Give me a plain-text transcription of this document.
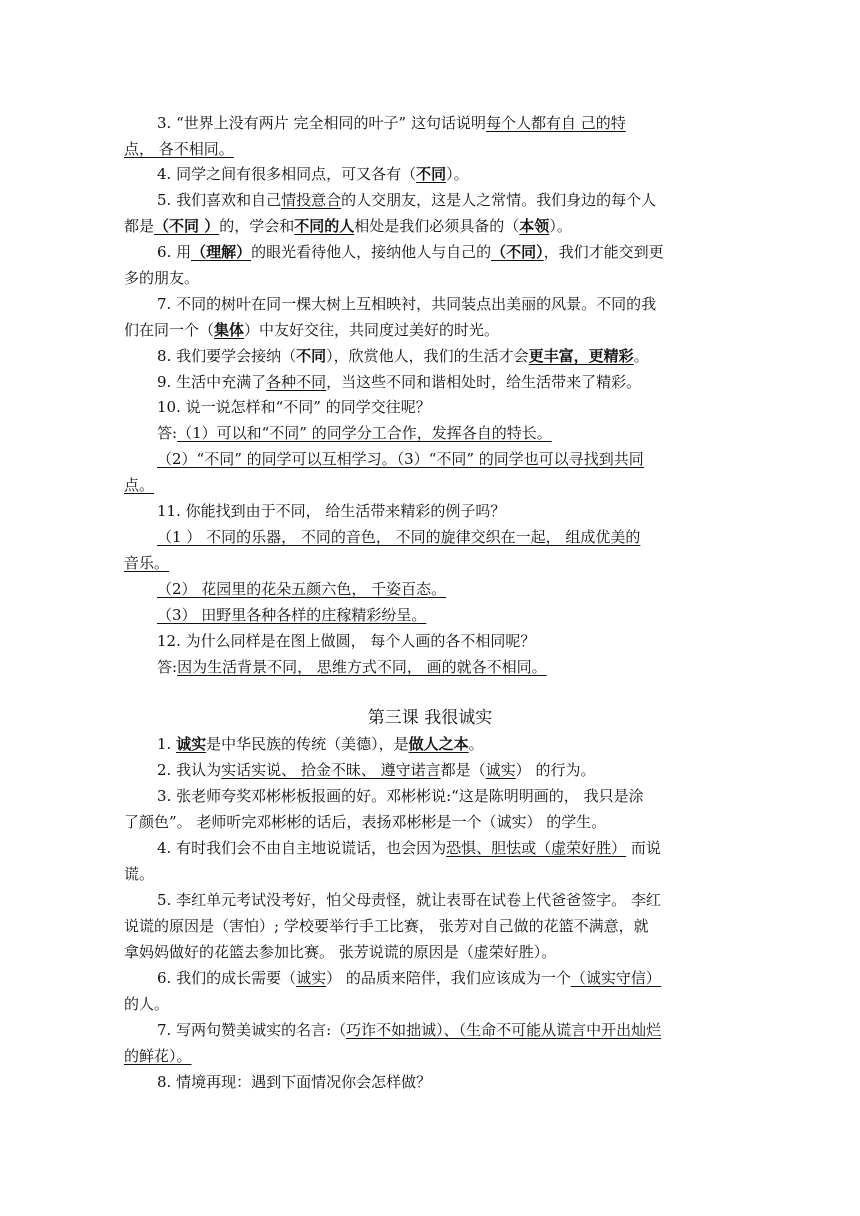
3. “世界上没有两片 完全相同的叶子” 这句话说明每个人都有自 己的特
点， 各不相同。
4. 同学之间有很多相同点，可又各有（不同）。
5. 我们喜欢和自己情投意合的人交朋友，这是人之常情。我们身边的每个人
都是（不同 ）的，学会和不同的人相处是我们必须具备的（本领）。
6. 用（理解）的眼光看待他人，接纳他人与自己的（不同），我们才能交到更
多的朋友。
7. 不同的树叶在同一棵大树上互相映衬，共同装点出美丽的风景。不同的我
们在同一个（集体）中友好交往，共同度过美好的时光。
8. 我们要学会接纳（不同），欣赏他人，我们的生活才会更丰富，更精彩。
9. 生活中充满了各种不同，当这些不同和谐相处时，给生活带来了精彩。
10. 说一说怎样和“不同” 的同学交往呢？
答:（1）可以和“不同” 的同学分工合作，发挥各自的特长。
（2）“不同” 的同学可以互相学习。（3）“不同” 的同学也可以寻找到共同
点。
11. 你能找到由于不同， 给生活带来精彩的例子吗？
（1 ） 不同的乐器， 不同的音色， 不同的旋律交织在一起， 组成优美的
音乐。
（2） 花园里的花朵五颜六色， 千姿百态。
（3） 田野里各种各样的庄稼精彩纷呈。
12. 为什么同样是在图上做圆， 每个人画的各不相同呢？
答:因为生活背景不同， 思维方式不同， 画的就各不相同。
1. 诚实是中华民族的传统（美德），是做人之本。
2. 我认为实话实说、 拾金不昧、 遵守诺言都是（诚实） 的行为。
3. 张老师夸奖邓彬彬板报画的好。邓彬彬说:“这是陈明明画的， 我只是涂
了颜色”。 老师听完邓彬彬的话后，表扬邓彬彬是一个（诚实） 的学生。
4. 有时我们会不由自主地说谎话，也会因为恐惧、胆怯或（虚荣好胜） 而说
谎。
5. 李红单元考试没考好，怕父母责怪，就让表哥在试卷上代爸爸签字。 李红
说谎的原因是（害怕）; 学校要举行手工比赛， 张芳对自己做的花篮不满意，就
拿妈妈做好的花篮去参加比赛。 张芳说谎的原因是（虚荣好胜）。
6. 我们的成长需要（诚实） 的品质来陪伴，我们应该成为一个（诚实守信）
的人。
7. 写两句赞美诚实的名言:（巧诈不如拙诚）、（生命不可能从谎言中开出灿烂
的鲜花）。
8. 情境再现：遇到下面情况你会怎样做？
第三课 我很诚实
